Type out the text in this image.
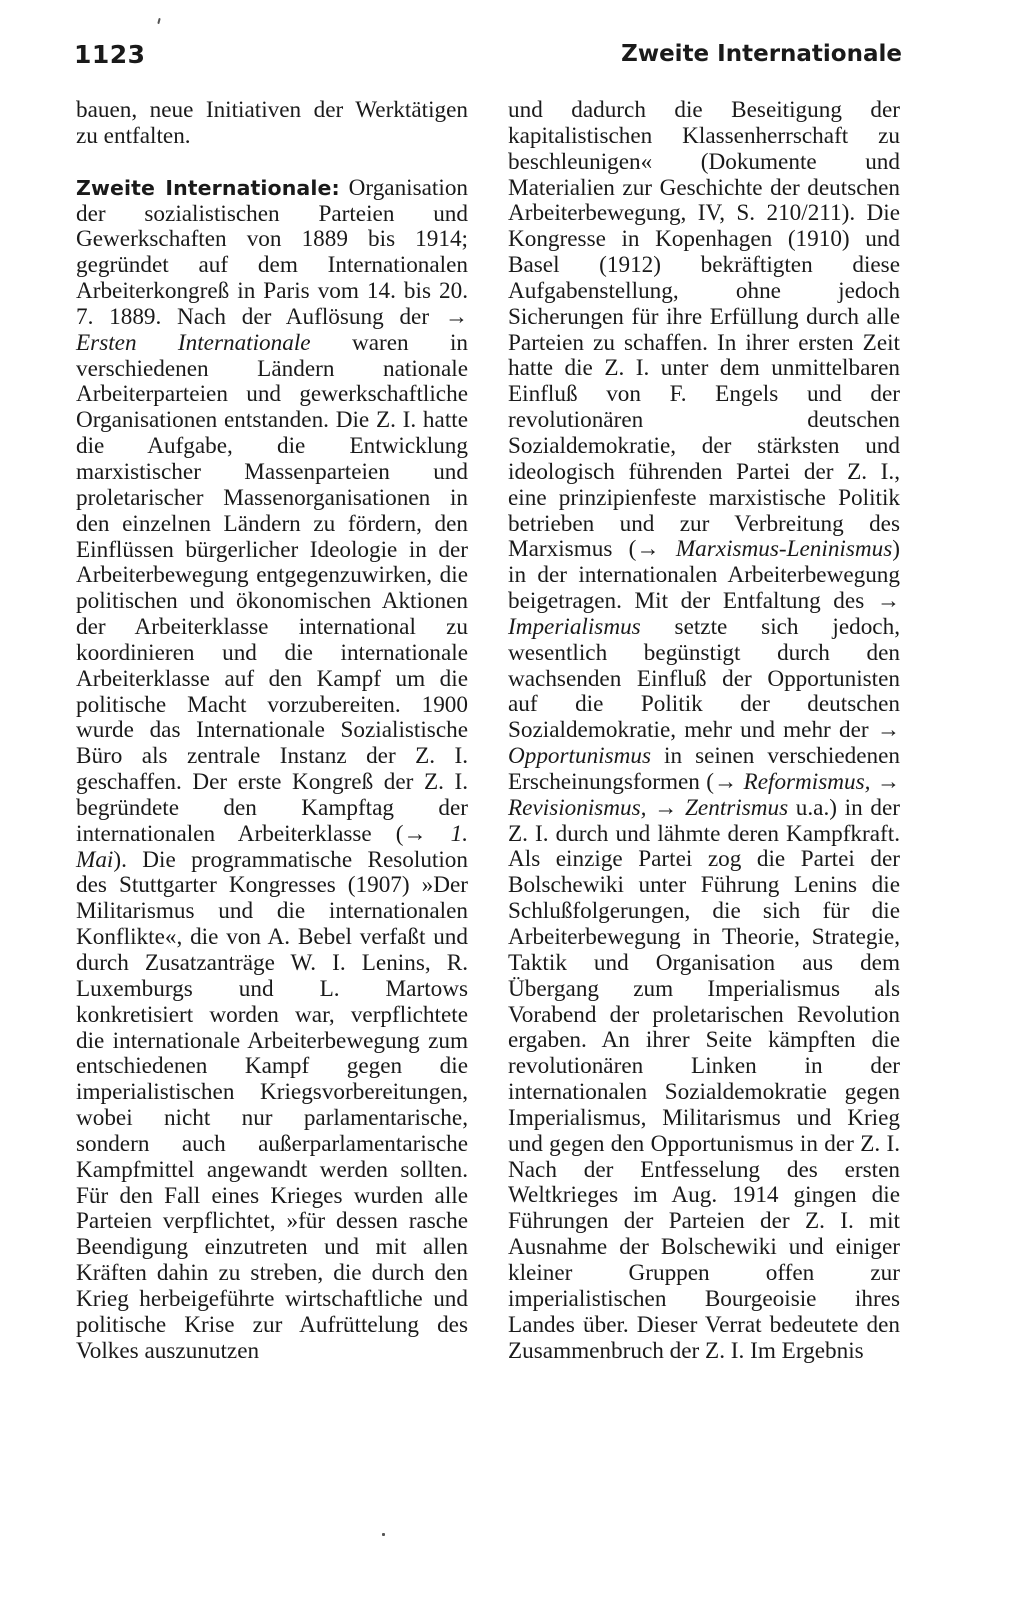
1123	Zweite Internationale

bauen, neue Initiativen der Werktätigen zu entfalten.

Zweite Internationale: Organisation der sozialistischen Parteien und Gewerkschaften von 1889 bis 1914; gegründet auf dem Internationalen Arbeiterkongreß in Paris vom 14. bis 20. 7. 1889. Nach der Auflösung der → Ersten Internationale waren in verschiedenen Ländern nationale Arbeiterparteien und gewerkschaftliche Organisationen entstanden. Die Z. I. hatte die Aufgabe, die Entwicklung marxistischer Massenparteien und proletarischer Massenorganisationen in den einzelnen Ländern zu fördern, den Einflüssen bürgerlicher Ideologie in der Arbeiterbewegung entgegenzuwirken, die politischen und ökonomischen Aktionen der Arbeiterklasse international zu koordinieren und die internationale Arbeiterklasse auf den Kampf um die politische Macht vorzubereiten. 1900 wurde das Internationale Sozialistische Büro als zentrale Instanz der Z. I. geschaffen. Der erste Kongreß der Z. I. begründete den Kampftag der internationalen Arbeiterklasse (→ 1. Mai). Die programmatische Resolution des Stuttgarter Kongresses (1907) »Der Militarismus und die internationalen Konflikte«, die von A. Bebel verfaßt und durch Zusatzanträge W. I. Lenins, R. Luxemburgs und L. Martows konkretisiert worden war, verpflichtete die internationale Arbeiterbewegung zum entschiedenen Kampf gegen die imperialistischen Kriegsvorbereitungen, wobei nicht nur parlamentarische, sondern auch außerparlamentarische Kampfmittel angewandt werden sollten. Für den Fall eines Krieges wurden alle Parteien verpflichtet, »für dessen rasche Beendigung einzutreten und mit allen Kräften dahin zu streben, die durch den Krieg herbeigeführte wirtschaftliche und politische Krise zur Aufrüttelung des Volkes auszunutzen

und dadurch die Beseitigung der kapitalistischen Klassenherrschaft zu beschleunigen« (Dokumente und Materialien zur Geschichte der deutschen Arbeiterbewegung, IV, S. 210/211). Die Kongresse in Kopenhagen (1910) und Basel (1912) bekräftigten diese Aufgabenstellung, ohne jedoch Sicherungen für ihre Erfüllung durch alle Parteien zu schaffen. In ihrer ersten Zeit hatte die Z. I. unter dem unmittelbaren Einfluß von F. Engels und der revolutionären deutschen Sozialdemokratie, der stärksten und ideologisch führenden Partei der Z. I., eine prinzipienfeste marxistische Politik betrieben und zur Verbreitung des Marxismus (→ Marxismus-Leninismus) in der internationalen Arbeiterbewegung beigetragen. Mit der Entfaltung des → Imperialismus setzte sich jedoch, wesentlich begünstigt durch den wachsenden Einfluß der Opportunisten auf die Politik der deutschen Sozialdemokratie, mehr und mehr der → Opportunismus in seinen verschiedenen Erscheinungsformen (→ Reformismus, → Revisionismus, → Zentrismus u.a.) in der Z. I. durch und lähmte deren Kampfkraft. Als einzige Partei zog die Partei der Bolschewiki unter Führung Lenins die Schlußfolgerungen, die sich für die Arbeiterbewegung in Theorie, Strategie, Taktik und Organisation aus dem Übergang zum Imperialismus als Vorabend der proletarischen Revolution ergaben. An ihrer Seite kämpften die revolutionären Linken in der internationalen Sozialdemokratie gegen Imperialismus, Militarismus und Krieg und gegen den Opportunismus in der Z. I. Nach der Entfesselung des ersten Weltkrieges im Aug. 1914 gingen die Führungen der Parteien der Z. I. mit Ausnahme der Bolschewiki und einiger kleiner Gruppen offen zur imperialistischen Bourgeoisie ihres Landes über. Dieser Verrat bedeutete den Zusammenbruch der Z. I. Im Ergebnis
